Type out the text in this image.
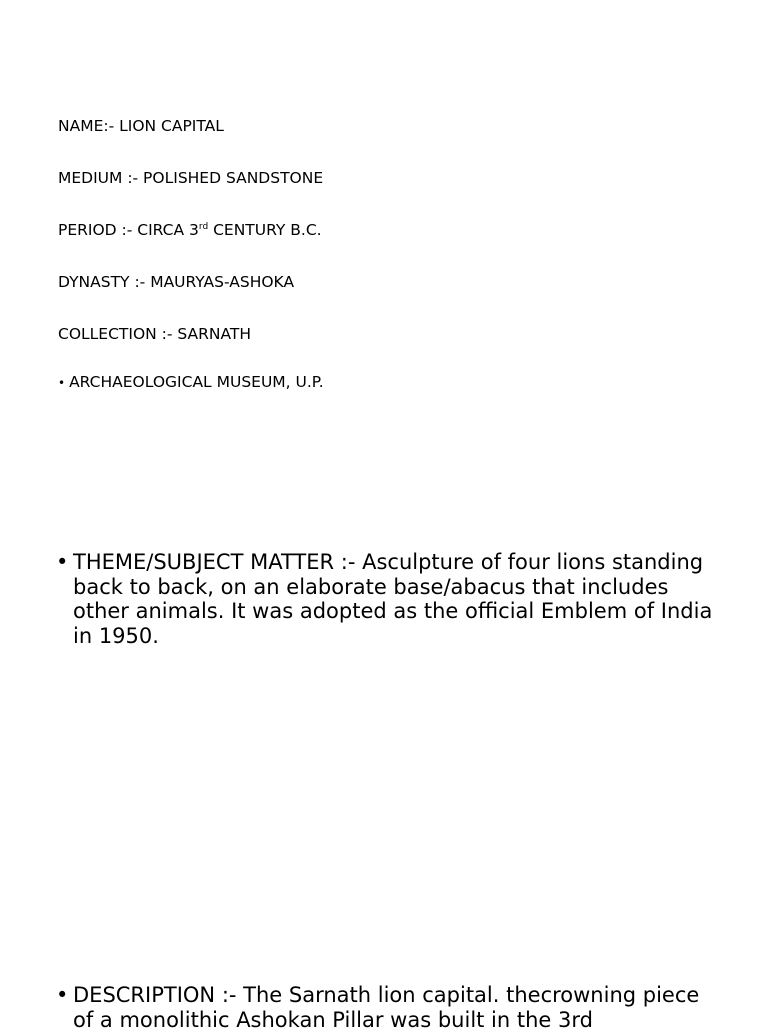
NAME:- LION CAPITAL
MEDIUM :- POLISHED SANDSTONE
PERIOD :- CIRCA 3rd CENTURY B.C.
DYNASTY :- MAURYAS-ASHOKA
COLLECTION :- SARNATH
• ARCHAEOLOGICAL MUSEUM, U.P.
• THEME/SUBJECT MATTER :- Asculpture of four lions standing back to back, on an elaborate base/abacus that includes other animals. It was adopted as the official Emblem of India in 1950.
• DESCRIPTION :- The Sarnath lion capital. thecrowning piece of a monolithic Ashokan Pillar was built in the 3rd
